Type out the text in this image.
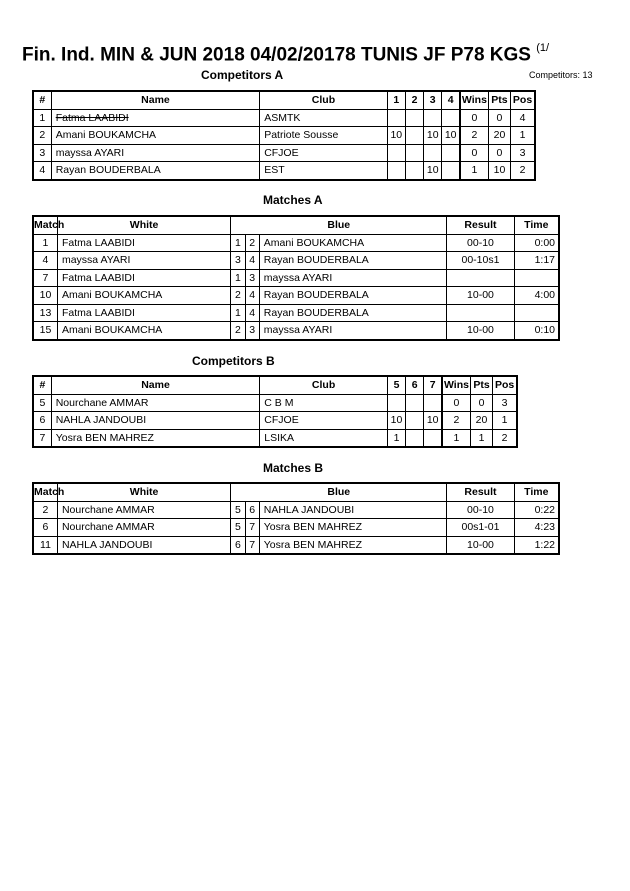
Fin. Ind. MIN & JUN 2018 04/02/20178 TUNIS JF P78 KGS $^{(1/}$
Competitors A	Competitors: 13
#	Name	Club	1	2	3	4	Wins	Pts	Pos
1	Fatma LAABIDI	ASMTK					0	0	4
2	Amani BOUKAMCHA	Patriote Sousse	10		10	10	2	20	1
3	mayssa AYARI	CFJOE					0	0	3
4	Rayan BOUDERBALA	EST			10		1	10	2
Matches A
Match	White	Blue			Result	Time
1	Fatma LAABIDI	1	2	Amani BOUKAMCHA	00-10	0:00
4	mayssa AYARI	3	4	Rayan BOUDERBALA	00-10s1	1:17
7	Fatma LAABIDI	1	3	mayssa AYARI		
10	Amani BOUKAMCHA	2	4	Rayan BOUDERBALA	10-00	4:00
13	Fatma LAABIDI	1	4	Rayan BOUDERBALA		
15	Amani BOUKAMCHA	2	3	mayssa AYARI	10-00	0:10
Competitors B
#	Name	Club	5	6	7	Wins	Pts	Pos
5	Nourchane AMMAR	C B M				0	0	3
6	NAHLA JANDOUBI	CFJOE	10		10	2	20	1
7	Yosra BEN MAHREZ	LSIKA	1			1	1	2
Matches B
Match	White	Blue			Result	Time
2	Nourchane AMMAR	5	6	NAHLA JANDOUBI	00-10	0:22
6	Nourchane AMMAR	5	7	Yosra BEN MAHREZ	00s1-01	4:23
11	NAHLA JANDOUBI	6	7	Yosra BEN MAHREZ	10-00	1:22
